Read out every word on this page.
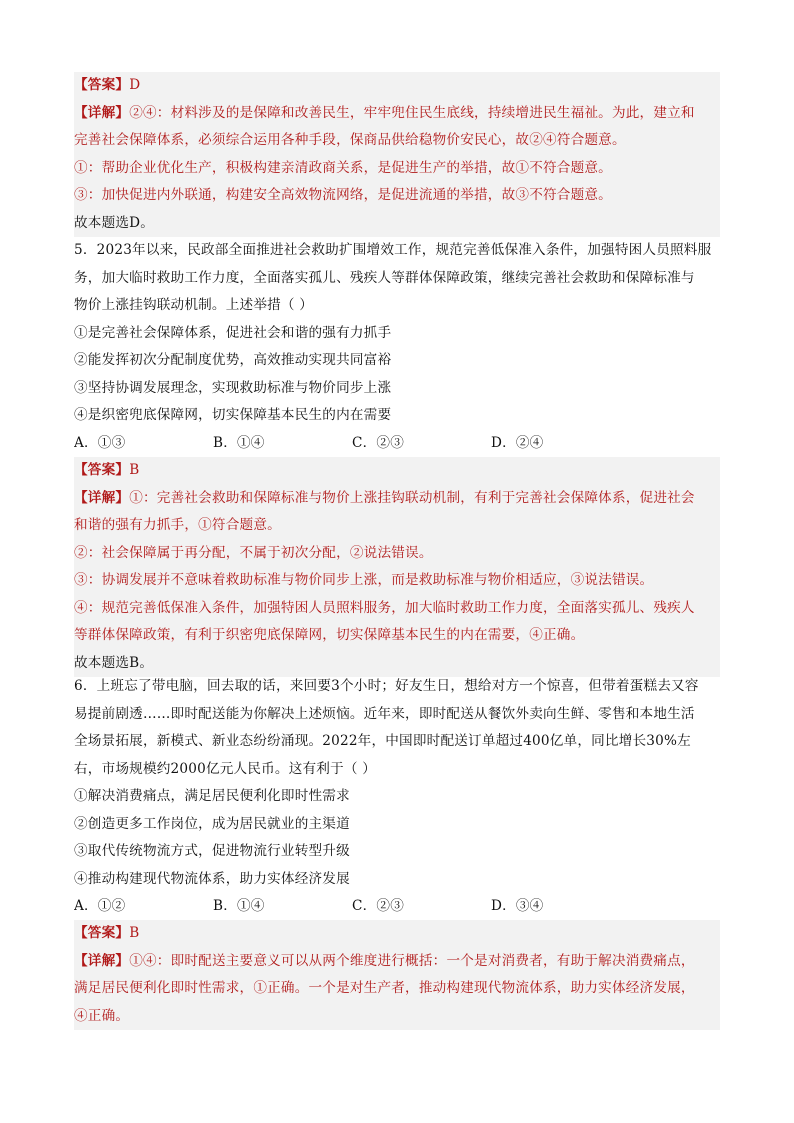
【答案】D
【详解】②④：材料涉及的是保障和改善民生，牢牢兜住民生底线，持续增进民生福祉。为此，建立和
完善社会保障体系，必须综合运用各种手段，保商品供给稳物价安民心，故②④符合题意。
①：帮助企业优化生产，积极构建亲清政商关系，是促进生产的举措，故①不符合题意。
③：加快促进内外联通，构建安全高效物流网络，是促进流通的举措，故③不符合题意。
故本题选D。
5．2023年以来，民政部全面推进社会救助扩围增效工作，规范完善低保准入条件，加强特困人员照料服
务，加大临时救助工作力度，全面落实孤儿、残疾人等群体保障政策，继续完善社会救助和保障标准与
物价上涨挂钩联动机制。上述举措（ ）
①是完善社会保障体系，促进社会和谐的强有力抓手
②能发挥初次分配制度优势，高效推动实现共同富裕
③坚持协调发展理念，实现救助标准与物价同步上涨
④是织密兜底保障网，切实保障基本民生的内在需要
A．①③	B．①④	C．②③	D．②④
【答案】B
【详解】①：完善社会救助和保障标准与物价上涨挂钩联动机制，有利于完善社会保障体系，促进社会
和谐的强有力抓手，①符合题意。
②：社会保障属于再分配，不属于初次分配，②说法错误。
③：协调发展并不意味着救助标准与物价同步上涨，而是救助标准与物价相适应，③说法错误。
④：规范完善低保准入条件，加强特困人员照料服务，加大临时救助工作力度，全面落实孤儿、残疾人
等群体保障政策，有利于织密兜底保障网，切实保障基本民生的内在需要，④正确。
故本题选B。
6．上班忘了带电脑，回去取的话，来回要3个小时；好友生日，想给对方一个惊喜，但带着蛋糕去又容
易提前剧透……即时配送能为你解决上述烦恼。近年来，即时配送从餐饮外卖向生鲜、零售和本地生活
全场景拓展，新模式、新业态纷纷涌现。2022年，中国即时配送订单超过400亿单，同比增长30%左
右，市场规模约2000亿元人民币。这有利于（ ）
①解决消费痛点，满足居民便利化即时性需求
②创造更多工作岗位，成为居民就业的主渠道
③取代传统物流方式，促进物流行业转型升级
④推动构建现代物流体系，助力实体经济发展
A．①②	B．①④	C．②③	D．③④
【答案】B
【详解】①④：即时配送主要意义可以从两个维度进行概括：一个是对消费者，有助于解决消费痛点，
满足居民便利化即时性需求，①正确。一个是对生产者，推动构建现代物流体系，助力实体经济发展，
④正确。
